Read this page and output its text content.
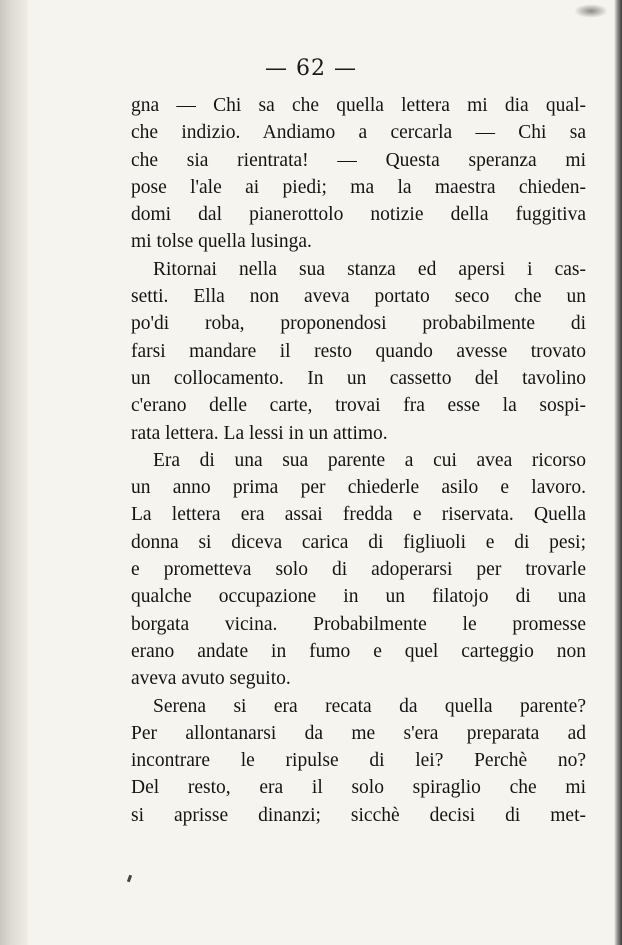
— 62 —
gna — Chi sa che quella lettera mi dia qual-
che indizio. Andiamo a cercarla — Chi sa
che sia rientrata! — Questa speranza mi
pose l'ale ai piedi; ma la maestra chieden-
domi dal pianerottolo notizie della fuggitiva
mi tolse quella lusinga.
Ritornai nella sua stanza ed apersi i cas-
setti. Ella non aveva portato seco che un
po'di roba, proponendosi probabilmente di
farsi mandare il resto quando avesse trovato
un collocamento. In un cassetto del tavolino
c'erano delle carte, trovai fra esse la sospi-
rata lettera. La lessi in un attimo.
Era di una sua parente a cui avea ricorso
un anno prima per chiederle asilo e lavoro.
La lettera era assai fredda e riservata. Quella
donna si diceva carica di figliuoli e di pesi;
e prometteva solo di adoperarsi per trovarle
qualche occupazione in un filatojo di una
borgata vicina. Probabilmente le promesse
erano andate in fumo e quel carteggio non
aveva avuto seguito.
Serena si era recata da quella parente?
Per allontanarsi da me s'era preparata ad
incontrare le ripulse di lei? Perchè no?
Del resto, era il solo spiraglio che mi
si aprisse dinanzi; sicchè decisi di met-
